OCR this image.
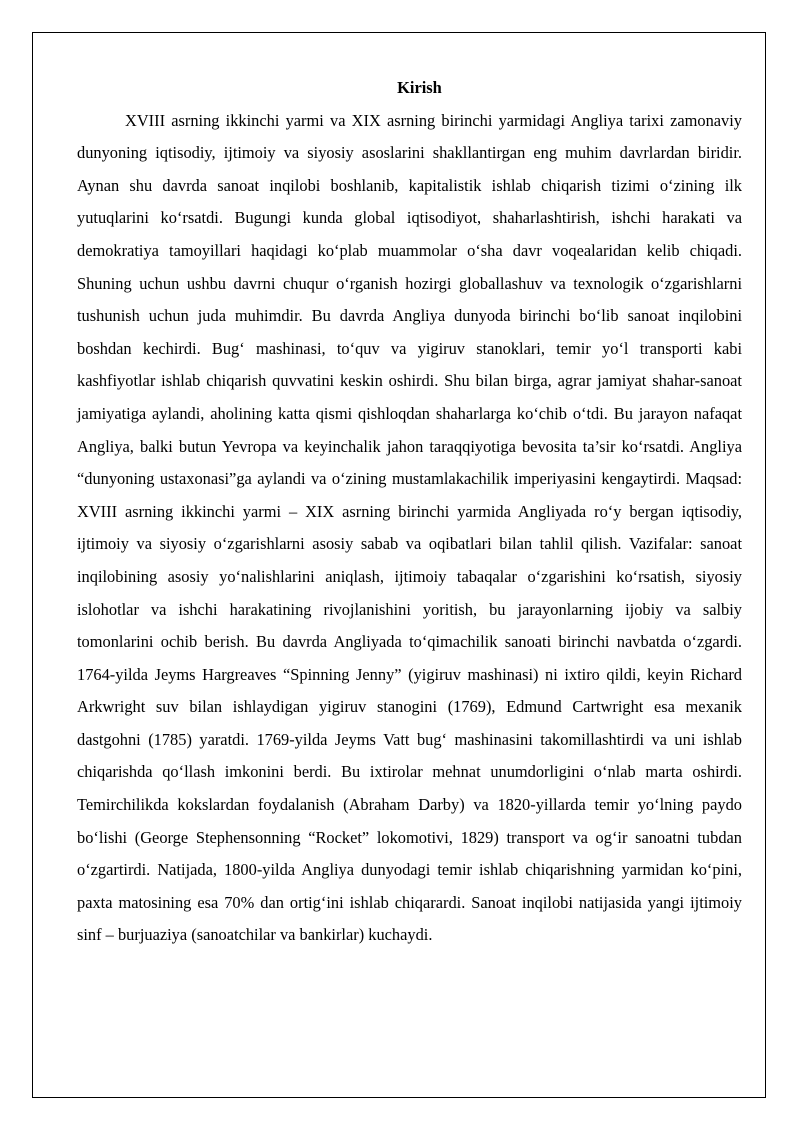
Kirish

XVIII asrning ikkinchi yarmi va XIX asrning birinchi yarmidagi Angliya tarixi zamonaviy dunyoning iqtisodiy, ijtimoiy va siyosiy asoslarini shakllantirgan eng muhim davrlardan biridir. Aynan shu davrda sanoat inqilobi boshlanib, kapitalistik ishlab chiqarish tizimi o‘zining ilk yutuqlarini ko‘rsatdi. Bugungi kunda global iqtisodiyot, shaharlashtirish, ishchi harakati va demokratiya tamoyillari haqidagi ko‘plab muammolar o‘sha davr voqealaridan kelib chiqadi. Shuning uchun ushbu davrni chuqur o‘rganish hozirgi globallashuv va texnologik o‘zgarishlarni tushunish uchun juda muhimdir. Bu davrda Angliya dunyoda birinchi bo‘lib sanoat inqilobini boshdan kechirdi. Bug‘ mashinasi, to‘quv va yigiruv stanoklari, temir yo‘l transporti kabi kashfiyotlar ishlab chiqarish quvvatini keskin oshirdi. Shu bilan birga, agrar jamiyat shahar-sanoat jamiyatiga aylandi, aholining katta qismi qishloqdan shaharlarga ko‘chib o‘tdi. Bu jarayon nafaqat Angliya, balki butun Yevropa va keyinchalik jahon taraqqiyotiga bevosita ta’sir ko‘rsatdi. Angliya “dunyoning ustaxonasi”ga aylandi va o‘zining mustamlakachilik imperiyasini kengaytirdi. Maqsad: XVIII asrning ikkinchi yarmi – XIX asrning birinchi yarmida Angliyada ro‘y bergan iqtisodiy, ijtimoiy va siyosiy o‘zgarishlarni asosiy sabab va oqibatlari bilan tahlil qilish. Vazifalar: sanoat inqilobining asosiy yo‘nalishlarini aniqlash, ijtimoiy tabaqalar o‘zgarishini ko‘rsatish, siyosiy islohotlar va ishchi harakatining rivojlanishini yoritish, bu jarayonlarning ijobiy va salbiy tomonlarini ochib berish. Bu davrda Angliyada to‘qimachilik sanoati birinchi navbatda o‘zgardi. 1764-yilda Jeyms Hargreaves “Spinning Jenny” (yigiruv mashinasi) ni ixtiro qildi, keyin Richard Arkwright suv bilan ishlaydigan yigiruv stanogini (1769), Edmund Cartwright esa mexanik dastgohni (1785) yaratdi. 1769-yilda Jeyms Vatt bug‘ mashinasini takomillashtirdi va uni ishlab chiqarishda qo‘llash imkonini berdi. Bu ixtirolar mehnat unumdorligini o‘nlab marta oshirdi. Temirchilikda kokslardan foydalanish (Abraham Darby) va 1820-yillarda temir yo‘lning paydo bo‘lishi (George Stephensonning “Rocket” lokomotivi, 1829) transport va og‘ir sanoatni tubdan o‘zgartirdi. Natijada, 1800-yilda Angliya dunyodagi temir ishlab chiqarishning yarmidan ko‘pini, paxta matosining esa 70% dan ortig‘ini ishlab chiqarardi. Sanoat inqilobi natijasida yangi ijtimoiy sinf – burjuaziya (sanoatchilar va bankirlar) kuchaydi.
